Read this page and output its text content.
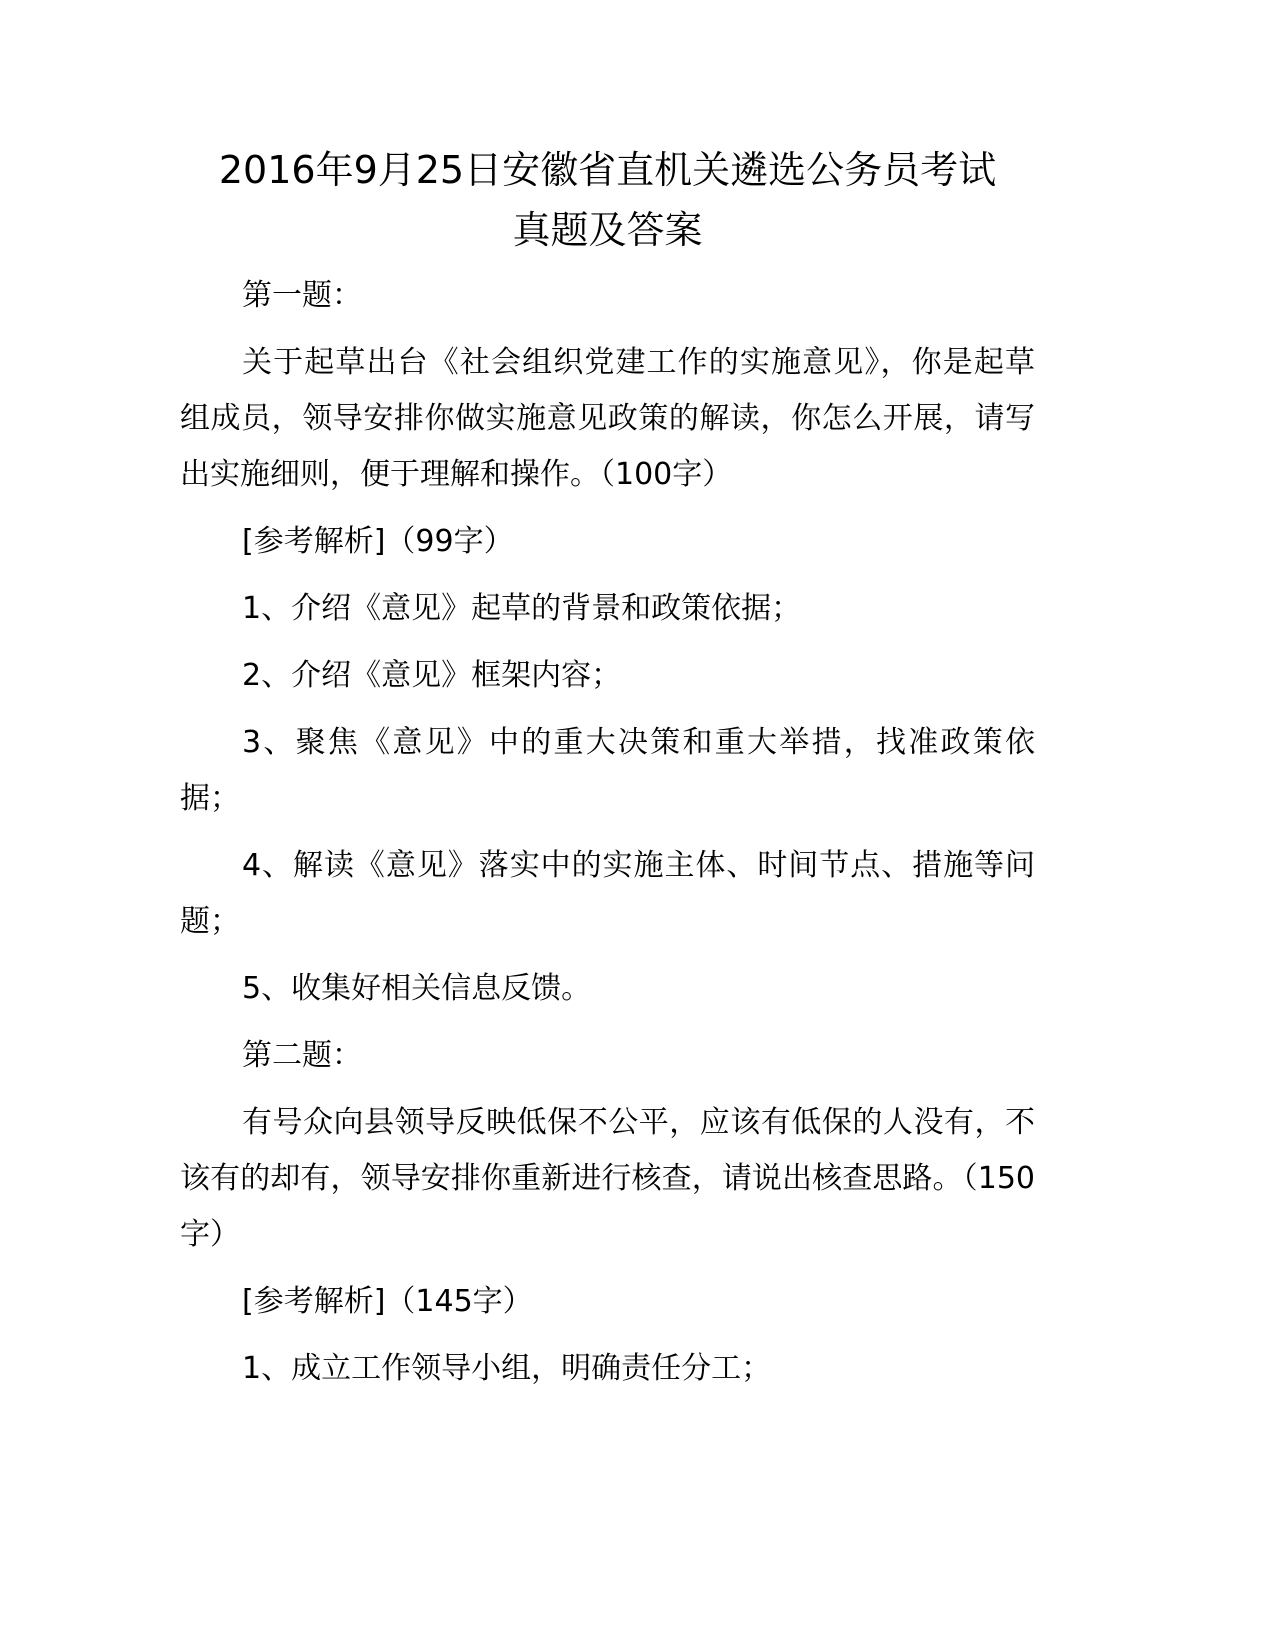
2016年9月25日安徽省直机关遴选公务员考试
真题及答案

第一题：

关于起草出台《社会组织党建工作的实施意见》，你是起草组成员，领导安排你做实施意见政策的解读，你怎么开展，请写出实施细则，便于理解和操作。（100字）

[参考解析]（99字）

1、介绍《意见》起草的背景和政策依据；

2、介绍《意见》框架内容；

3、聚焦《意见》中的重大决策和重大举措，找准政策依据；

4、解读《意见》落实中的实施主体、时间节点、措施等问题；

5、收集好相关信息反馈。

第二题：

有号众向县领导反映低保不公平，应该有低保的人没有，不该有的却有，领导安排你重新进行核查，请说出核查思路。（150字）

[参考解析]（145字）

1、成立工作领导小组，明确责任分工；
